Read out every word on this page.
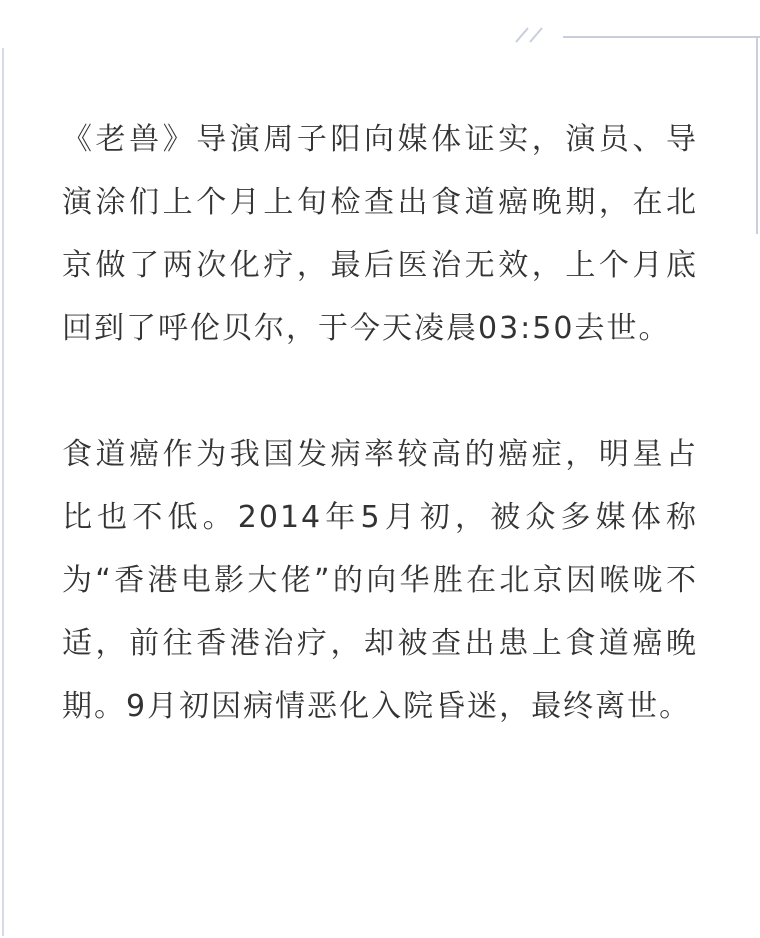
《老兽》导演周子阳向媒体证实，演员、导演涂们上个月上旬检查出食道癌晚期，在北京做了两次化疗，最后医治无效，上个月底回到了呼伦贝尔，于今天凌晨03:50去世。

食道癌作为我国发病率较高的癌症，明星占比也不低。2014年5月初，被众多媒体称为“香港电影大佬”的向华胜在北京因喉咙不适，前往香港治疗，却被查出患上食道癌晚期。9月初因病情恶化入院昏迷，最终离世。
